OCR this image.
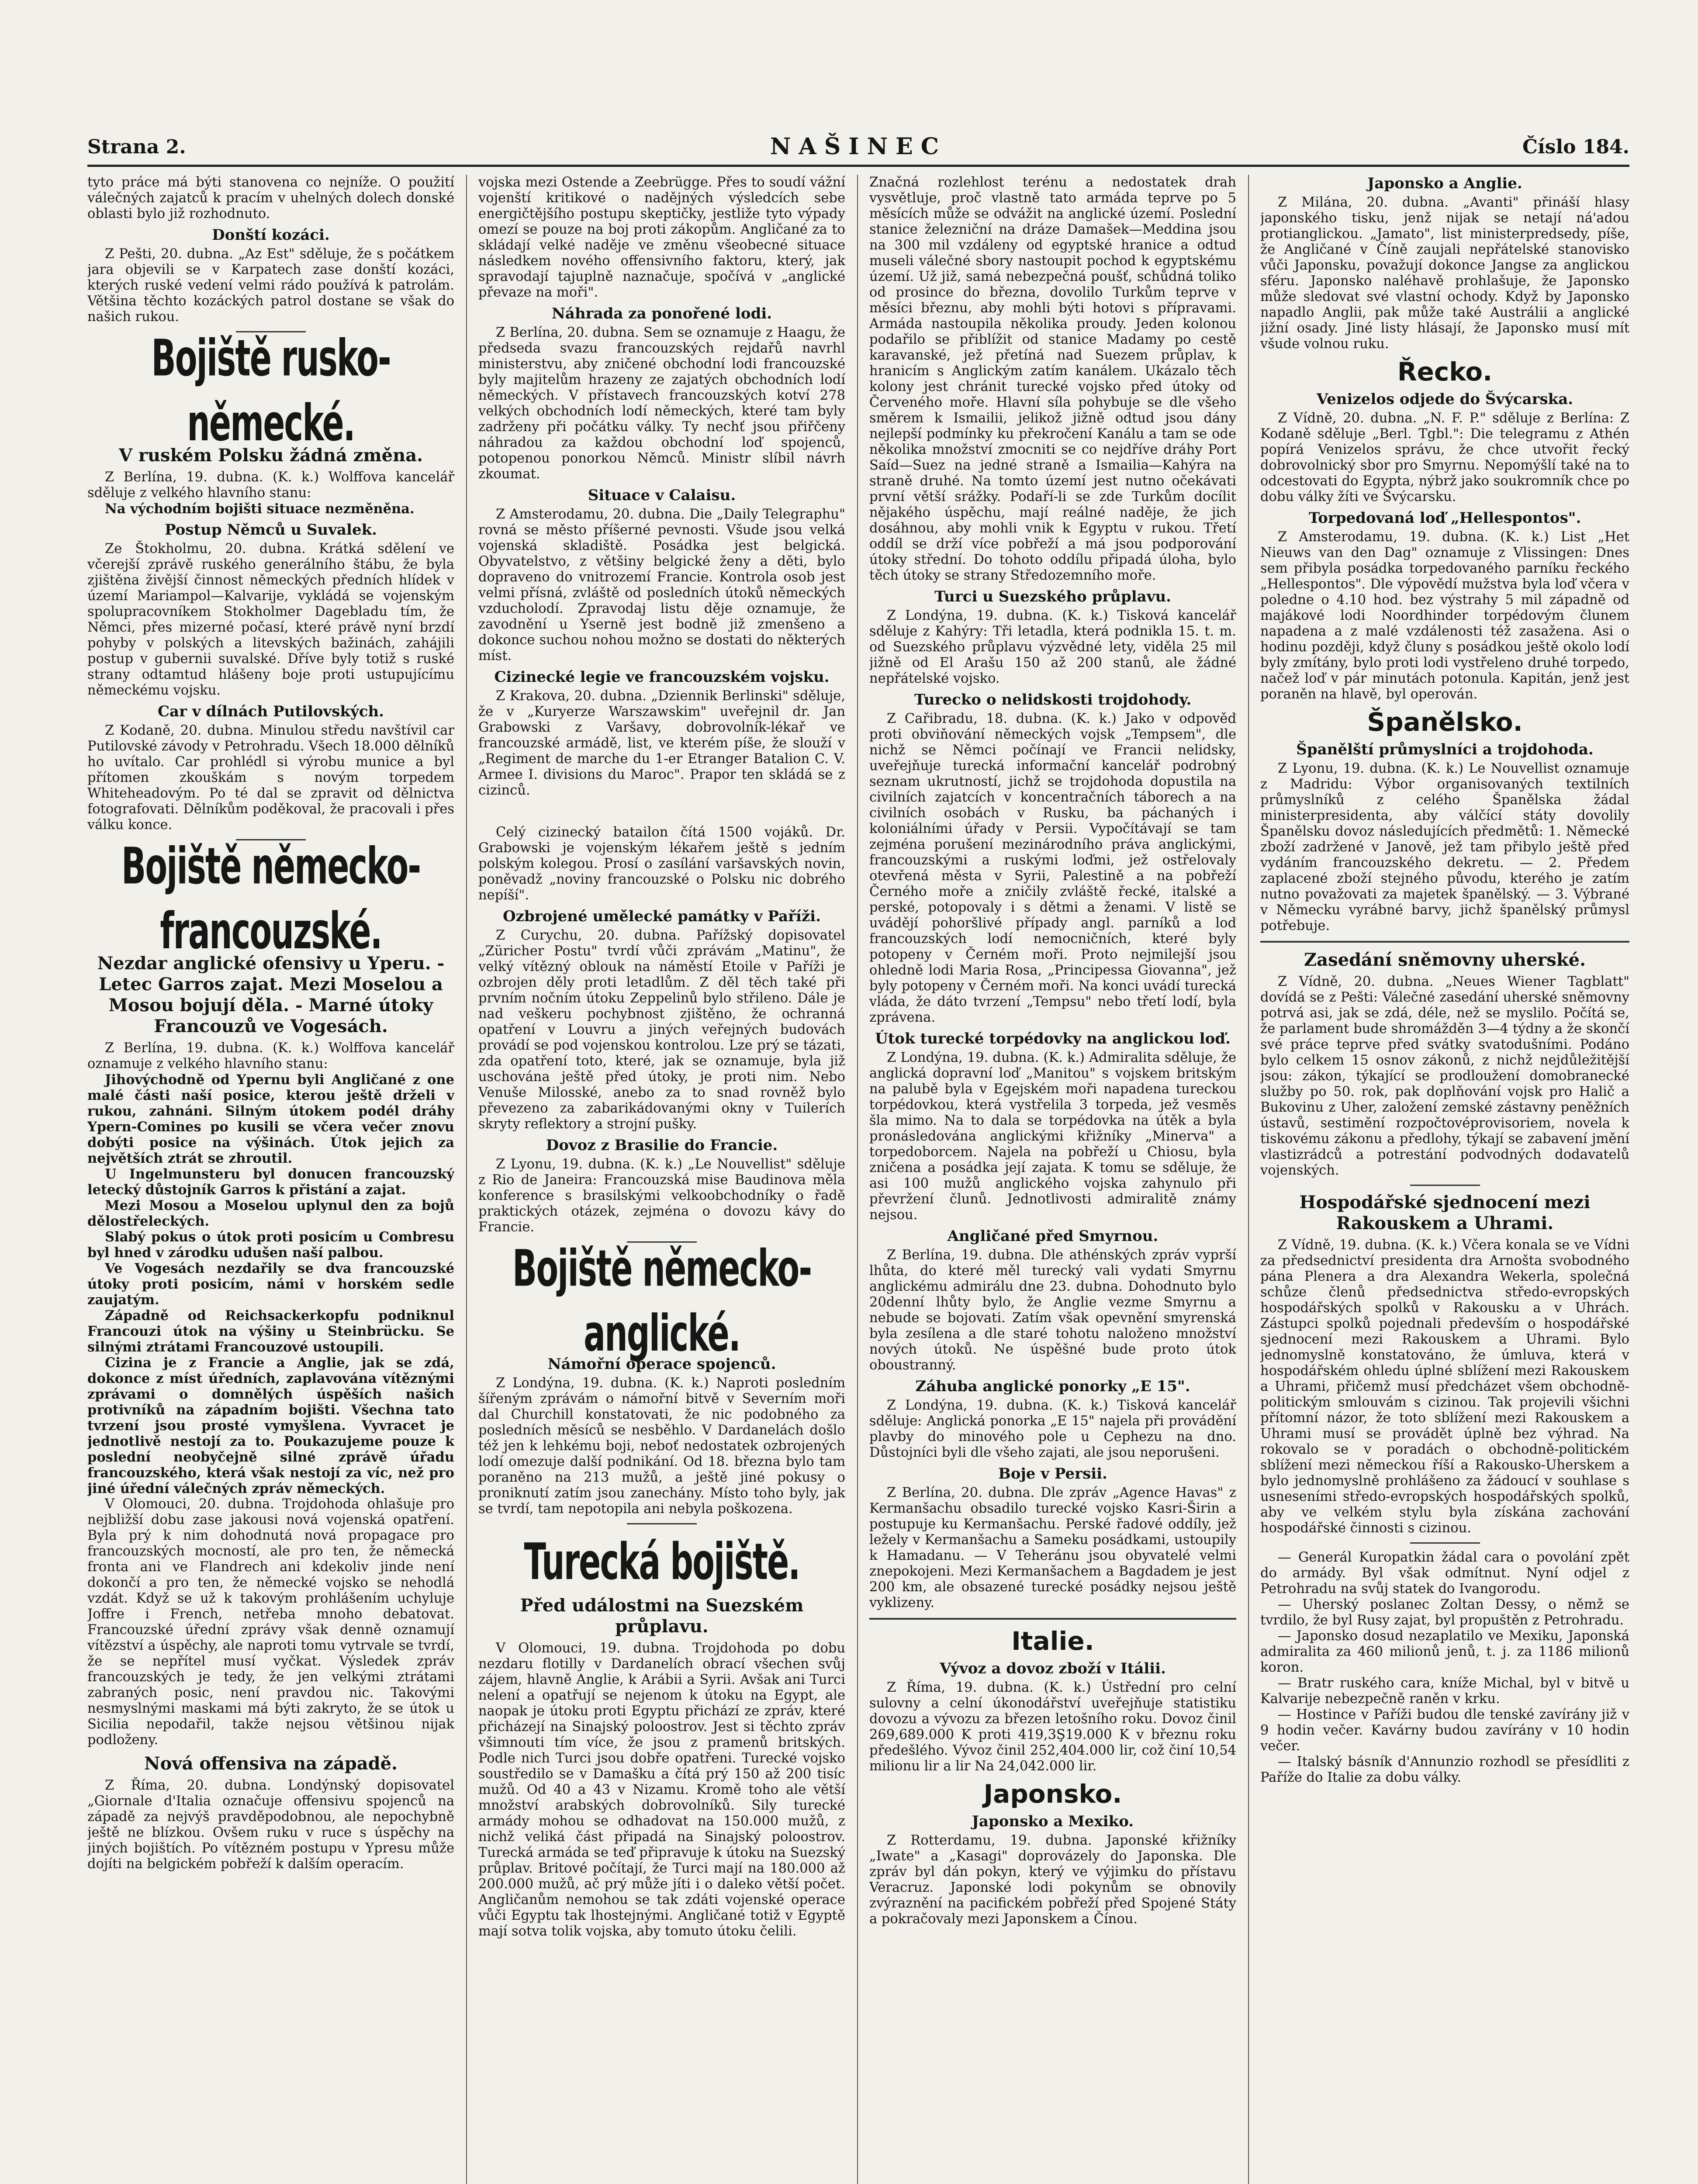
Strana 2.	NAŠINEC	Číslo 184.

tyto práce má býti stanovena co nejníže. O použití válečných zajatců k pracím v uhelných dolech donské oblasti bylo již rozhodnuto.

Donští kozáci.

Z Pešti, 20. dubna. „Az Est" sděluje, že s počátkem jara objevili se v Karpatech zase donští kozáci, kterých ruské vedení velmi rádo používá k patrolám. Většina těchto kozáckých patrol dostane se však do našich rukou.

Bojiště rusko-německé.
V ruském Polsku žádná změna.

Z Berlína, 19. dubna. (K. k.) Wolffova kancelář sděluje z velkého hlavního stanu:

Na východním bojišti situace nezměněna.

Postup Němců u Suvalek.

Ze Štokholmu, 20. dubna. Krátká sdělení ve včerejší zprávě ruského generálního štábu, že byla zjištěna živější činnost německých předních hlídek v území Mariampol—Kalvarije, vykládá se vojenským spolupracovníkem Stokholmer Dagebladu tím, že Němci, přes mizerné počasí, které právě nyní brzdí pohyby v polských a litevských bažinách, zahájili postup v gubernii suvalské. Dříve byly totiž s ruské strany odtamtud hlášeny boje proti ustupujícímu německému vojsku.

Car v dílnách Putilovských.

Z Kodaně, 20. dubna. Minulou středu navštívil car Putilovské závody v Petrohradu. Všech 18.000 dělníků ho uvítalo. Car prohlédl si výrobu munice a byl přítomen zkouškám s novým torpedem Whiteheadovým. Po té dal se zpravit od dělnictva fotografovati. Dělníkům poděkoval, že pracovali i přes válku konce.

Bojiště německo-francouzské.
Nezdar anglické ofensivy u Yperu. - Letec Garros zajat. Mezi Moselou a Mosou bojují děla. - Marné útoky Francouzů ve Vogesách.

Z Berlína, 19. dubna. (K. k.) Wolffova kancelář oznamuje z velkého hlavního stanu:

Jihovýchodně od Ypernu byli Angličané z one malé části naší posice, kterou ještě drželi v rukou, zahnáni. Silným útokem podél dráhy Ypern-Comines po kusili se včera večer znovu dobýti posice na výšinách. Útok jejich za největších ztrát se zhroutil.

U Ingelmunsteru byl donucen francouzský letecký důstojník Garros k přistání a zajat.

Mezi Mosou a Moselou uplynul den za bojů dělostřeleckých.

Slabý pokus o útok proti posicím u Combresu byl hned v zárodku udušen naší palbou.

Ve Vogesách nezdařily se dva francouzské útoky proti posicím, námi v horském sedle zaujatým.

Západně od Reichsackerkopfu podniknul Francouzi útok na výšiny u Steinbrücku. Se silnými ztrátami Francouzové ustoupili.

Cizina je z Francie a Anglie, jak se zdá, dokonce z míst úředních, zaplavována vítěznými zprávami o domnělých úspěších našich protivníků na západním bojišti. Všechna tato tvrzení jsou prosté vymyšlena. Vyvracet je jednotlivě nestojí za to. Poukazujeme pouze k poslední neobyčejně silné zprávě úřadu francouzského, která však nestojí za víc, než pro jiné úřední válečných zpráv německých.

V Olomouci, 20. dubna. Trojdohoda ohlašuje pro nejbližší dobu zase jakousi nová vojenská opatření. Byla prý k nim dohodnutá nová propagace pro francouzských mocností, ale pro ten, že německá fronta ani ve Flandrech ani kdekoliv jinde není dokončí a pro ten, že německé vojsko se nehodlá vzdát. Když se už k takovým prohlášením uchyluje Joffre i French, netřeba mnoho debatovat. Francouzské úřední zprávy však denně oznamují vítězství a úspěchy, ale naproti tomu vytrvale se tvrdí, že se nepřítel musí vyčkat. Výsledek zpráv francouzských je tedy, že jen velkými ztrátami zabraných posic, není pravdou nic. Takovými nesmyslnými maskami má býti zakryto, že se útok u Sicilia nepodařil, takže nejsou většinou nijak podloženy.

Nová offensiva na západě.

Z Říma, 20. dubna. Londýnský dopisovatel „Giornale d'Italia označuje offensivu spojenců na západě za nejvýš pravděpodobnou, ale nepochybně ještě ne blízkou. Ovšem ruku v ruce s úspěchy na jiných bojištích. Po vítězném postupu v Ypresu může dojíti na belgickém pobřeží k dalším operacím.

vojska mezi Ostende a Zeebrügge. Přes to soudí vážní vojenští kritikové o nadějných výsledcích sebe energičtějšího postupu skeptičky, jestliže tyto výpady omezí se pouze na boj proti zákopům. Angličané za to skládají velké naděje ve změnu všeobecné situace následkem nového offensivního faktoru, který, jak spravodají tajuplně naznačuje, spočívá v „anglické převaze na moři".

Náhrada za ponořené lodi.

Z Berlína, 20. dubna. Sem se oznamuje z Haagu, že předseda svazu francouzských rejdařů navrhl ministerstvu, aby zničené obchodní lodi francouzské byly majitelům hrazeny ze zajatých obchodních lodí německých. V přístavech francouzských kotví 278 velkých obchodních lodí německých, které tam byly zadrženy při počátku války. Ty nechť jsou přiřčeny náhradou za každou obchodní loď spojenců, potopenou ponorkou Němců. Ministr slíbil návrh zkoumat.

Situace v Calaisu.

Z Amsterodamu, 20. dubna. Die „Daily Telegraphu" rovná se město příšerné pevnosti. Všude jsou velká vojenská skladiště. Posádka jest belgická. Obyvatelstvo, z většiny belgické ženy a děti, bylo dopraveno do vnitrozemí Francie. Kontrola osob jest velmi přísná, zvláště od posledních útoků německých vzducholodí. Zpravodaj listu děje oznamuje, že zavodnění u Yserně jest bodně již zmenšeno a dokonce suchou nohou možno se dostati do některých míst.

Cizinecké legie ve francouzském vojsku.

Z Krakova, 20. dubna. „Dziennik Berlinski" sděluje, že v „Kuryerze Warszawskim" uveřejnil dr. Jan Grabowski z Varšavy, dobrovolník-lékař ve francouzské armádě, list, ve kterém píše, že slouží v „Regiment de marche du 1-er Etranger Batalion C. V. Armee I. divisions du Maroc". Prapor ten skládá se z cizinců.

Celý cizinecký batailon čítá 1500 vojáků. Dr. Grabowski je vojenským lékařem ještě s jedním polským kolegou. Prosí o zasílání varšavských novin, poněvadž „noviny francouzské o Polsku nic dobrého nepíší".

Ozbrojené umělecké památky v Paříži.

Z Curychu, 20. dubna. Pařížský dopisovatel „Züricher Postu" tvrdí vůči zprávám „Matinu", že velký vítězný oblouk na náměstí Etoile v Paříži je ozbrojen děly proti letadlům. Z děl těch také při prvním nočním útoku Zeppelinů bylo střileno. Dále je nad veškeru pochybnost zjištěno, že ochranná opatření v Louvru a jiných veřejných budovách provádí se pod vojenskou kontrolou. Lze prý se tázati, zda opatření toto, které, jak se oznamuje, byla již uschována ještě před útoky, je proti nim. Nebo Venuše Milosské, anebo za to snad rovněž bylo převezeno za zabarikádovanými okny v Tuilerích skryty reflektory a strojní pušky.

Dovoz z Brasilie do Francie.

Z Lyonu, 19. dubna. (K. k.) „Le Nouvellist" sděluje z Rio de Janeira: Francouzská mise Baudinova měla konference s brasilskými velkoobchodníky o řadě praktických otázek, zejména o dovozu kávy do Francie.

Bojiště německo-anglické.
Námořní operace spojenců.

Z Londýna, 19. dubna. (K. k.) Naproti posledním šířeným zprávám o námořní bitvě v Severním moři dal Churchill konstatovati, že nic podobného za posledních měsíců se nesběhlo. V Dardanelách došlo též jen k lehkému boji, neboť nedostatek ozbrojených lodí omezuje další podnikání. Od 18. března bylo tam poraněno na 213 mužů, a ještě jiné pokusy o proniknutí zatím jsou zanechány. Místo toho byly, jak se tvrdí, tam nepotopila ani nebyla poškozena.

Turecká bojiště.
Před událostmi na Suezském průplavu.

V Olomouci, 19. dubna. Trojdohoda po dobu nezdaru flotilly v Dardanelích obrací všechen svůj zájem, hlavně Anglie, k Arábii a Syrii. Avšak ani Turci nelení a opatřují se nejenom k útoku na Egypt, ale naopak je útoku proti Egyptu přichází ze zpráv, které přicházejí na Sinajský poloostrov. Jest si těchto zpráv všimnouti tím více, že jsou z pramenů britských. Podle nich Turci jsou dobře opatřeni. Turecké vojsko soustředilo se v Damašku a čítá prý 150 až 200 tisíc mužů. Od 40 a 43 v Nizamu. Kromě toho ale větší množství arabských dobrovolníků. Sily turecké armády mohou se odhadovat na 150.000 mužů, z nichž veliká část připadá na Sinajský poloostrov. Turecká armáda se teď připravuje k útoku na Suezský průplav. Britové počítají, že Turci mají na 180.000 až 200.000 mužů, ač prý může jíti i o daleko větší počet. Angličanům nemohou se tak zdáti vojenské operace vůči Egyptu tak lhostejnými. Angličané totiž v Egyptě mají sotva tolik vojska, aby tomuto útoku čelili.

Značná rozlehlost terénu a nedostatek drah vysvětluje, proč vlastně tato armáda teprve po 5 měsících může se odvážit na anglické území. Poslední stanice železniční na dráze Damašek—Meddina jsou na 300 mil vzdáleny od egyptské hranice a odtud museli válečné sbory nastoupit pochod k egyptskému území. Už již, samá nebezpečná poušť, schůdná toliko od prosince do března, dovolilo Turkům teprve v měsíci březnu, aby mohli býti hotovi s přípravami. Armáda nastoupila několika proudy. Jeden kolonou podařilo se přiblížit od stanice Madamy po cestě karavanské, jež přetíná nad Suezem průplav, k hranicím s Anglickým zatím kanálem. Ukázalo těch kolony jest chránit turecké vojsko před útoky od Červeného moře. Hlavní síla pohybuje se dle všeho směrem k Ismailii, jelikož jižně odtud jsou dány nejlepší podmínky ku překročení Kanálu a tam se ode několika množství zmocniti se co nejdříve dráhy Port Saíd—Suez na jedné straně a Ismailia—Kahýra na straně druhé. Na tomto území jest nutno očekávati první větší srážky. Podaří-li se zde Turkům docílit nějakého úspěchu, mají reálné naděje, že jich dosáhnou, aby mohli vnik k Egyptu v rukou. Třetí oddíl se drží více pobřeží a má jsou podporování útoky střední. Do tohoto oddílu připadá úloha, bylo těch útoky se strany Středozemního moře.

Turci u Suezského průplavu.

Z Londýna, 19. dubna. (K. k.) Tisková kancelář sděluje z Kahýry: Tři letadla, která podnikla 15. t. m. od Suezského průplavu výzvědné lety, viděla 25 mil jižně od El Arašu 150 až 200 stanů, ale žádné nepřátelské vojsko.

Turecko o nelidskosti trojdohody.

Z Cařibradu, 18. dubna. (K. k.) Jako v odpověď proti obviňování německých vojsk „Tempsem", dle nichž se Němci počínají ve Francii nelidsky, uveřejňuje turecká informační kancelář podrobný seznam ukrutností, jichž se trojdohoda dopustila na civilních zajatcích v koncentračních táborech a na civilních osobách v Rusku, ba páchaných i koloniálními úřady v Persii. Vypočítávají se tam zejména porušení mezinárodního práva anglickými, francouzskými a ruskými loďmi, jež ostřelovaly otevřená města v Syrii, Palestině a na pobřeží Černého moře a zničily zvláště řecké, italské a perské, potopovaly i s dětmi a ženami. V listě se uvádějí pohoršlivé případy angl. parníků a loď francouzských lodí nemocničních, které byly potopeny v Černém moři. Proto nejmilejší jsou ohledně lodi Maria Rosa, „Principessa Giovanna", jež byly potopeny v Černém moři. Na konci uvádí turecká vláda, že dáto tvrzení „Tempsu" nebo třetí lodí, byla zprávena.

Útok turecké torpédovky na anglickou loď.

Z Londýna, 19. dubna. (K. k.) Admiralita sděluje, že anglická dopravní loď „Manitou" s vojskem britským na palubě byla v Egejském moři napadena tureckou torpédovkou, která vystřelila 3 torpeda, jež vesměs šla mimo. Na to dala se torpédovka na útěk a byla pronásledována anglickými křižníky „Minerva" a torpedoborcem. Najela na pobřeží u Chiosu, byla zničena a posádka její zajata. K tomu se sděluje, že asi 100 mužů anglického vojska zahynulo při převržení člunů. Jednotlivosti admiralitě známy nejsou.

Angličané před Smyrnou.

Z Berlína, 19. dubna. Dle athénských zpráv vyprší lhůta, do které měl turecký vali vydati Smyrnu anglickému admirálu dne 23. dubna. Dohodnuto bylo 20denní lhůty bylo, že Anglie vezme Smyrnu a nebude se bojovati. Zatím však opevnění smyrenská byla zesílena a dle staré tohotu naloženo množství nových útoků. Ne úspěšné bude proto útok oboustranný.

Záhuba anglické ponorky „E 15".

Z Londýna, 19. dubna. (K. k.) Tisková kancelář sděluje: Anglická ponorka „E 15" najela při provádění plavby do minového pole u Cephezu na dno. Důstojníci byli dle všeho zajati, ale jsou neporušeni.

Boje v Persii.

Z Berlína, 20. dubna. Dle zpráv „Agence Havas" z Kermanšachu obsadilo turecké vojsko Kasri-Širin a postupuje ku Kermanšachu. Perské řadové oddíly, jež ležely v Kermanšachu a Sameku posádkami, ustoupily k Hamadanu. — V Teheránu jsou obyvatelé velmi znepokojeni. Mezi Kermanšachem a Bagdadem je jest 200 km, ale obsazené turecké posádky nejsou ještě vyklizeny.

Italie.
Vývoz a dovoz zboží v Itálii.

Z Říma, 19. dubna. (K. k.) Ústřední pro celní sulovny a celní úkonodářství uveřejňuje statistiku dovozu a vývozu za březen letošního roku. Dovoz činil 269,689.000 K proti 419,3Ş19.000 K v březnu roku předešlého. Vývoz činil 252,404.000 lir, což činí 10,54 milionu lir a lir Na 24,042.000 lir.

Japonsko.
Japonsko a Mexiko.

Z Rotterdamu, 19. dubna. Japonské křižníky „Iwate" a „Kasagi" doprovázely do Japonska. Dle zpráv byl dán pokyn, který ve výjimku do přístavu Veracruz. Japonské lodi pokynům se obnovily zvýraznění na pacifickém pobřeží před Spojené Státy a pokračovaly mezi Japonskem a Čínou.

Japonsko a Anglie.

Z Milána, 20. dubna. „Avanti" přináší hlasy japonského tisku, jenž nijak se netají ná'adou protianglickou. „Jamato", list ministerpredsedy, píše, že Angličané v Číně zaujali nepřátelské stanovisko vůči Japonsku, považují dokonce Jangse za anglickou sféru. Japonsko naléhavě prohlašuje, že Japonsko může sledovat své vlastní ochody. Když by Japonsko napadlo Anglii, pak může také Austrálii a anglické jižní osady. Jiné listy hlásají, že Japonsko musí mít všude volnou ruku.

Řecko.
Venizelos odjede do Švýcarska.

Z Vídně, 20. dubna. „N. F. P." sděluje z Berlína: Z Kodaně sděluje „Berl. Tgbl.": Die telegramu z Athén popírá Venizelos správu, že chce utvořit řecký dobrovolnický sbor pro Smyrnu. Nepomýšlí také na to odcestovati do Egypta, nýbrž jako soukromník chce po dobu války žíti ve Švýcarsku.

Torpedovaná loď „Hellespontos".

Z Amsterodamu, 19. dubna. (K. k.) List „Het Nieuws van den Dag" oznamuje z Vlissingen: Dnes sem přibyla posádka torpedovaného parníku řeckého „Hellespontos". Dle výpovědí mužstva byla loď včera v poledne o 4.10 hod. bez výstrahy 5 mil západně od majákové lodi Noordhinder torpédovým člunem napadena a z malé vzdálenosti též zasažena. Asi o hodinu později, když čluny s posádkou ještě okolo lodí byly zmítány, bylo proti lodi vystřeleno druhé torpedo, načež loď v pár minutách potonula. Kapitán, jenž jest poraněn na hlavě, byl operován.

Španělsko.
Španělští průmyslníci a trojdohoda.

Z Lyonu, 19. dubna. (K. k.) Le Nouvellist oznamuje z Madridu: Výbor organisovaných textilních průmyslníků z celého Španělska žádal ministerpresidenta, aby válčící státy dovolily Španělsku dovoz následujících předmětů: 1. Německé zboží zadržené v Janově, jež tam přibylo ještě před vydáním francouzského dekretu. — 2. Předem zaplacené zboží stejného původu, kterého je zatím nutno považovati za majetek španělský. — 3. Výbrané v Německu vyrábné barvy, jichž španělský průmysl potřebuje.

Zasedání sněmovny uherské.

Z Vídně, 20. dubna. „Neues Wiener Tagblatt" dovídá se z Pešti: Válečné zasedání uherské sněmovny potrvá asi, jak se zdá, déle, než se myslilo. Počítá se, že parlament bude shromážděn 3—4 týdny a že skončí své práce teprve před svátky svatodušními. Podáno bylo celkem 15 osnov zákonů, z nichž nejdůležitější jsou: zákon, týkající se prodloužení domobranecké služby po 50. rok, pak doplňování vojsk pro Halič a Bukovinu z Uher, založení zemské zástavny peněžních ústavů, sestimění rozpočtovéprovisoriem, novela k tiskovému zákonu a předlohy, týkají se zabavení jmění vlastizrádců a potrestání podvodných dodavatelů vojenských.

Hospodářské sjednocení mezi Rakouskem a Uhrami.

Z Vídně, 19. dubna. (K. k.) Včera konala se ve Vídni za předsednictví presidenta dra Arnošta svobodného pána Plenera a dra Alexandra Wekerla, společná schůze členů předsednictva středo-evropských hospodářských spolků v Rakousku a v Uhrách. Zástupci spolků pojednali především o hospodářské sjednocení mezi Rakouskem a Uhrami. Bylo jednomyslně konstatováno, že úmluva, která v hospodářském ohledu úplné sblížení mezi Rakouskem a Uhrami, přičemž musí předcházet všem obchodně-politickým smlouvám s cizinou. Tak projevili všichni přítomní názor, že toto sblížení mezi Rakouskem a Uhrami musí se provádět úplně bez výhrad. Na rokovalo se v poradách o obchodně-politickém sblížení mezi německou říší a Rakousko-Uherskem a bylo jednomyslně prohlášeno za žádoucí v souhlase s usneseními středo-evropských hospodářských spolků, aby ve velkém stylu byla získána zachování hospodářské činnosti s cizinou.

— Generál Kuropatkin žádal cara o povolání zpět do armády. Byl však odmítnut. Nyní odjel z Petrohradu na svůj statek do Ivangorodu.

— Uherský poslanec Zoltan Dessy, o němž se tvrdilo, že byl Rusy zajat, byl propuštěn z Petrohradu.

— Japonsko dosud nezaplatilo ve Mexiku, Japonská admiralita za 460 milionů jenů, t. j. za 1186 milionů koron.

— Bratr ruského cara, kníže Michal, byl v bitvě u Kalvarije nebezpečně raněn v krku.

— Hostince v Paříži budou dle tenské zavírány již v 9 hodin večer. Kavárny budou zavírány v 10 hodin večer.

— Italský básník d'Annunzio rozhodl se přesídliti z Paříže do Italie za dobu války.
